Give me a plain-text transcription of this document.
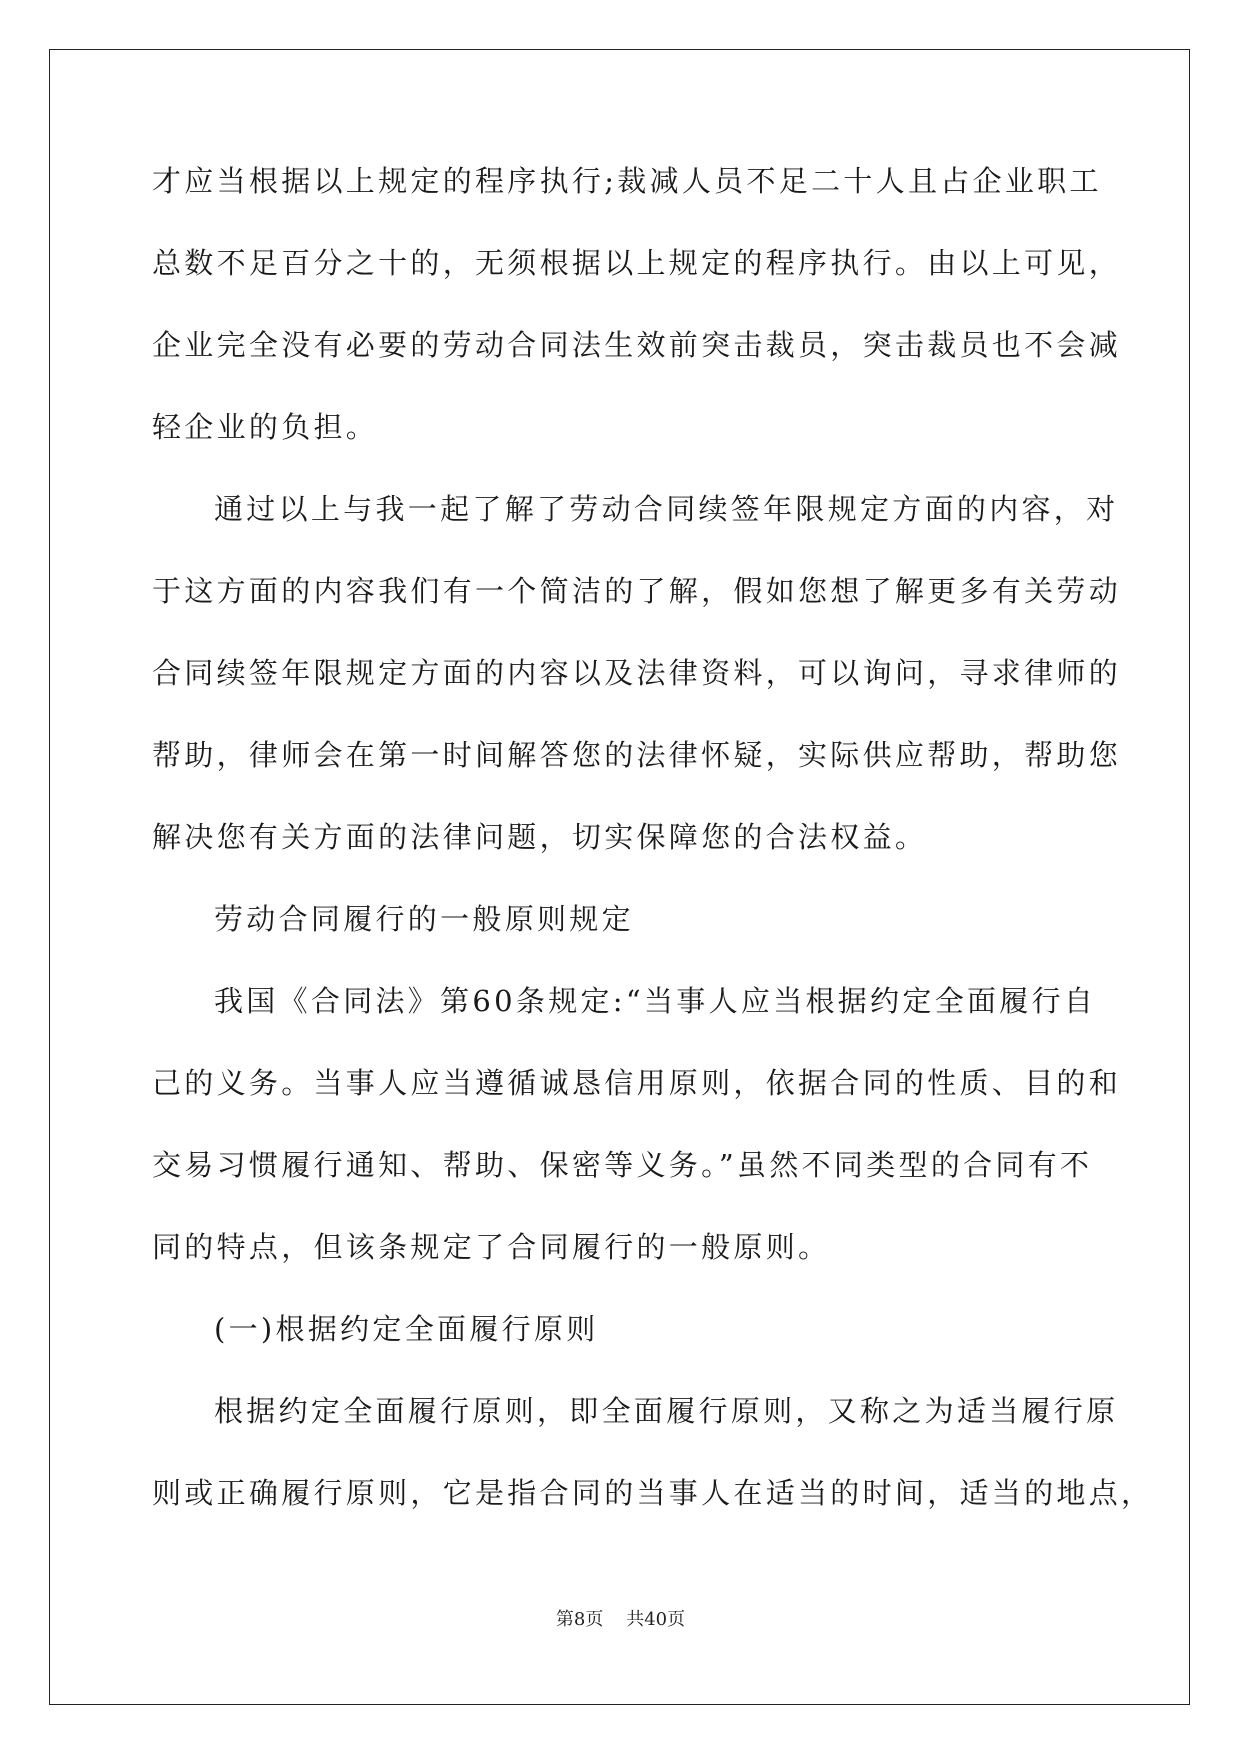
才应当根据以上规定的程序执行;裁减人员不足二十人且占企业职工
总数不足百分之十的，无须根据以上规定的程序执行。由以上可见，
企业完全没有必要的劳动合同法生效前突击裁员，突击裁员也不会减
轻企业的负担。
通过以上与我一起了解了劳动合同续签年限规定方面的内容，对
于这方面的内容我们有一个简洁的了解，假如您想了解更多有关劳动
合同续签年限规定方面的内容以及法律资料，可以询问，寻求律师的
帮助，律师会在第一时间解答您的法律怀疑，实际供应帮助，帮助您
解决您有关方面的法律问题，切实保障您的合法权益。
劳动合同履行的一般原则规定
我国《合同法》第60条规定:“当事人应当根据约定全面履行自
己的义务。当事人应当遵循诚恳信用原则，依据合同的性质、目的和
交易习惯履行通知、帮助、保密等义务。”虽然不同类型的合同有不
同的特点，但该条规定了合同履行的一般原则。
(一)根据约定全面履行原则
根据约定全面履行原则，即全面履行原则，又称之为适当履行原
则或正确履行原则，它是指合同的当事人在适当的时间，适当的地点，
第8页    共40页
